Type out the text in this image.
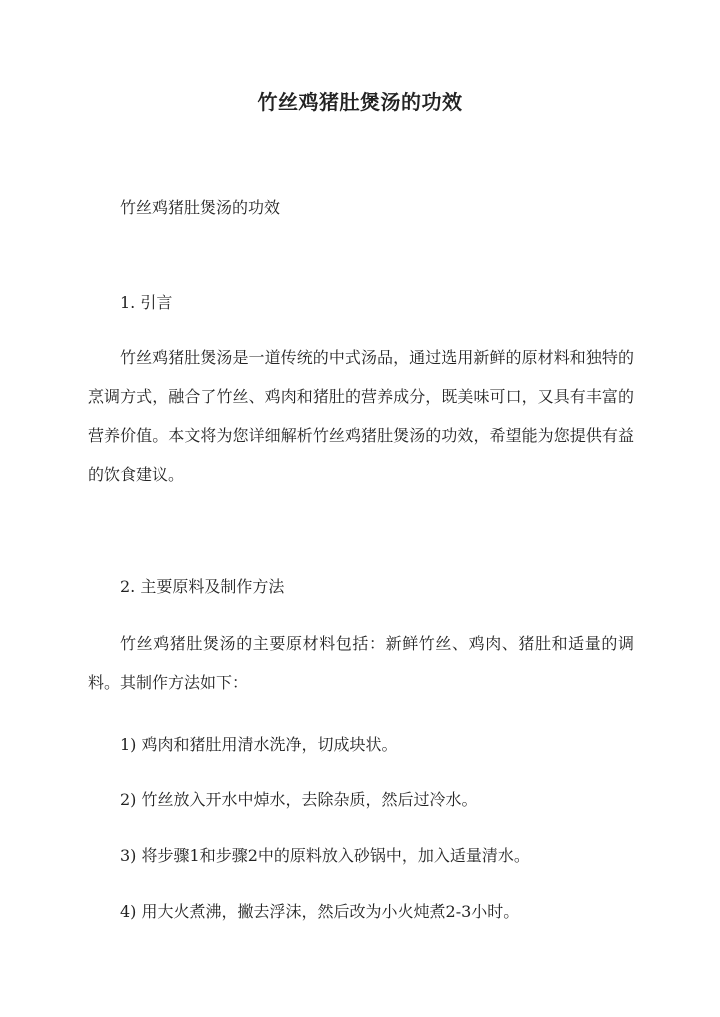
竹丝鸡猪肚煲汤的功效
竹丝鸡猪肚煲汤的功效
1. 引言
竹丝鸡猪肚煲汤是一道传统的中式汤品，通过选用新鲜的原材料和独特的烹调方式，融合了竹丝、鸡肉和猪肚的营养成分，既美味可口，又具有丰富的营养价值。本文将为您详细解析竹丝鸡猪肚煲汤的功效，希望能为您提供有益的饮食建议。
2. 主要原料及制作方法
竹丝鸡猪肚煲汤的主要原材料包括：新鲜竹丝、鸡肉、猪肚和适量的调料。其制作方法如下：
1) 鸡肉和猪肚用清水洗净，切成块状。
2) 竹丝放入开水中焯水，去除杂质，然后过冷水。
3) 将步骤1和步骤2中的原料放入砂锅中，加入适量清水。
4) 用大火煮沸，撇去浮沫，然后改为小火炖煮2-3小时。
